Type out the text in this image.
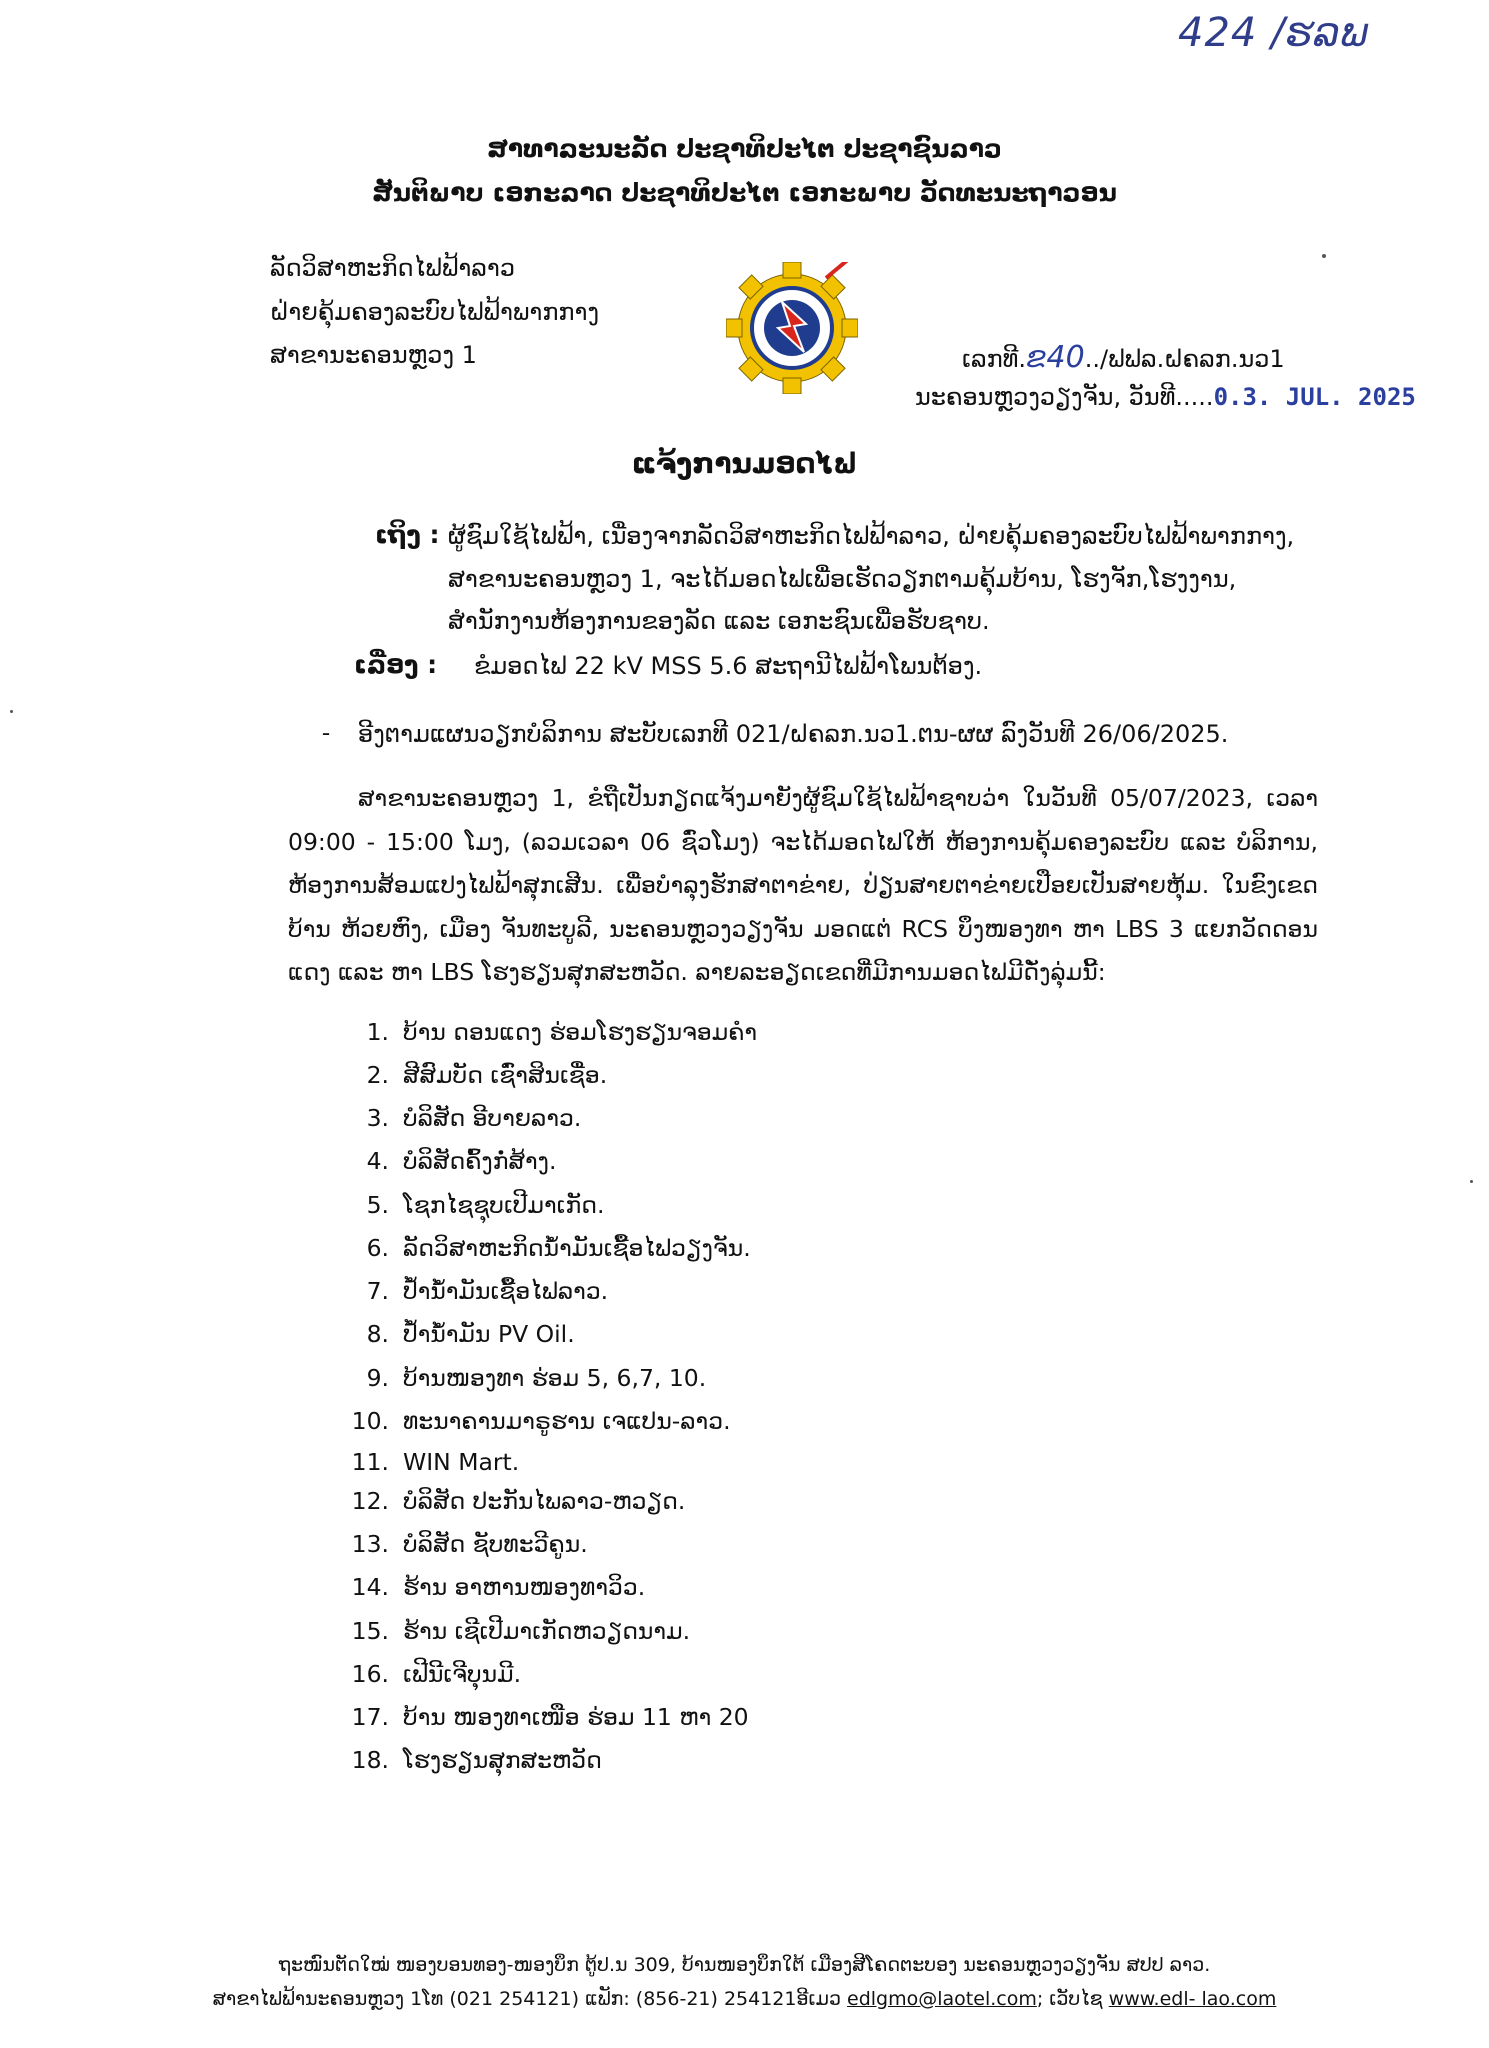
424 /ຮລພ
ສາທາລະນະລັດ ປະຊາທິປະໄຕ ປະຊາຊົນລາວ
ສັນຕິພາບ ເອກະລາດ ປະຊາທິປະໄຕ ເອກະພາບ ວັດທະນະຖາວອນ
ລັດວິສາຫະກິດໄຟຟ້າລາວ
ຝ່າຍຄຸ້ມຄອງລະບົບໄຟຟ້າພາກກາງ
ສາຂານະຄອນຫຼວງ 1	ເລກທີ.ຂ40../ຟຟລ.ຝຄລກ.ນວ1
ນະຄອນຫຼວງວຽງຈັນ, ວັນທີ.....0.3. JUL. 2025
ແຈ້ງການມອດໄຟ
ເຖິງ : ຜູ້ຊົມໃຊ້ໄຟຟ້າ, ເນື່ອງຈາກລັດວິສາຫະກິດໄຟຟ້າລາວ, ຝ່າຍຄຸ້ມຄອງລະບົບໄຟຟ້າພາກກາງ,
ສາຂານະຄອນຫຼວງ 1, ຈະໄດ້ມອດໄຟເພື່ອເຮັດວຽກຕາມຄຸ້ມບ້ານ, ໂຮງຈັກ,ໂຮງງານ,
ສຳນັກງານຫ້ອງການຂອງລັດ ແລະ ເອກະຊົນເພື່ອຮັບຊາບ.
ເລື່ອງ : ຂໍມອດໄຟ 22 kV MSS 5.6 ສະຖານີໄຟຟ້າໂພນຕ້ອງ.
- ອີງຕາມແຜນວຽກບໍລິການ ສະບັບເລກທີ 021/ຝຄລກ.ນວ1.ຕນ-ຜຜ ລົງວັນທີ 26/06/2025.
ສາຂານະຄອນຫຼວງ 1, ຂໍຖືເປັນກຽດແຈ້ງມາຍັງຜູ້ຊົມໃຊ້ໄຟຟ້າຊາບວ່າ ໃນວັນທີ 05/07/2023, ເວລາ
09:00 - 15:00 ໂມງ, (ລວມເວລາ 06 ຊົ່ວໂມງ) ຈະໄດ້ມອດໄຟໃຫ້ ຫ້ອງການຄຸ້ມຄອງລະບົບ ແລະ ບໍລິການ,
ຫ້ອງການສ້ອມແປງໄຟຟ້າສຸກເສີນ. ເພື່ອບຳລຸງຮັກສາຕາຂ່າຍ, ປ່ຽນສາຍຕາຂ່າຍເປືອຍເປັນສາຍຫຸ້ມ. ໃນຂົງເຂດ
ບ້ານ ຫ້ວຍຫົງ, ເມືອງ ຈັນທະບູລີ, ນະຄອນຫຼວງວຽງຈັນ ມອດແຕ່ RCS ບຶງໜອງທາ ຫາ LBS 3 ແຍກວັດດອນ
ແດງ ແລະ ຫາ LBS ໂຮງຮຽນສຸກສະຫວັດ. ລາຍລະອຽດເຂດທີ່ມີການມອດໄຟມີດັ່ງລຸ່ມນີ້:
1. ບ້ານ ດອນແດງ ຮ່ອມໂຮງຮຽນຈອມຄຳ
2. ສີສົມບັດ ເຊົ່າສິນເຊື່ອ.
3. ບໍລິສັດ ອີບາຍລາວ.
4. ບໍລິສັດຄົ້ງກໍ່ສ້າງ.
5. ໂຊກໄຊຊຸບເປີມາເກັດ.
6. ລັດວິສາຫະກິດນ້ຳມັນເຊື້ອໄຟວຽງຈັນ.
7. ປ້ຳນ້ຳມັນເຊື້ອໄຟລາວ.
8. ປ້ຳນ້ຳມັນ PV Oil.
9. ບ້ານໜອງທາ ຮ່ອມ 5, 6,7, 10.
10. ທະນາຄານມາຣູຮານ ເຈແປນ-ລາວ.
11. WIN Mart.
12. ບໍລິສັດ ປະກັນໄພລາວ-ຫວຽດ.
13. ບໍລິສັດ ຊັບທະວີຄູນ.
14. ຮ້ານ ອາຫານໜອງທາວິວ.
15. ຮ້ານ ເຊີເປີມາເກັດຫວຽດນາມ.
16. ເຟີນີເຈີບຸນມີ.
17. ບ້ານ ໜອງທາເໜືອ ຮ່ອມ 11 ຫາ 20
18. ໂຮງຮຽນສຸກສະຫວັດ
ຖະໜົນຕັດໃໝ່ ໜອງບອນທອງ-ໜອງບຶກ ຕູ້ປ.ນ 309, ບ້ານໜອງບຶກໃຕ້ ເມືອງສີໂຄດຕະບອງ ນະຄອນຫຼວງວຽງຈັນ ສປປ ລາວ.
ສາຂາໄຟຟ້ານະຄອນຫຼວງ 1ໂທ (021 254121) ແຟັກ: (856-21) 254121ອີເມວ edlgmo@laotel.com; ເວັບໄຊ www.edl- lao.com
